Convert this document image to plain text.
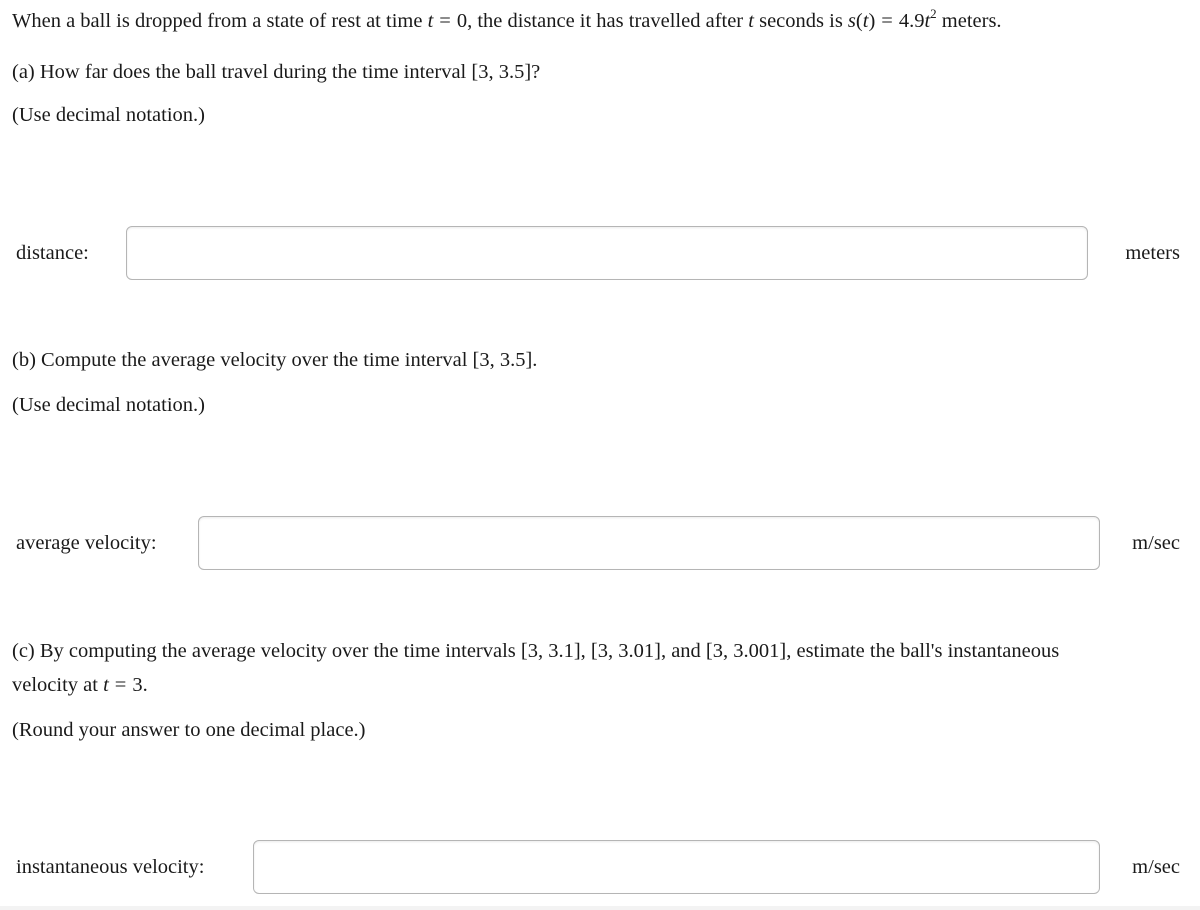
When a ball is dropped from a state of rest at time t = 0, the distance it has travelled after t seconds is $s(t) = 4.9t^2$ meters.
(a) How far does the ball travel during the time interval [3, 3.5]?
(Use decimal notation.)
distance:	meters
(b) Compute the average velocity over the time interval [3, 3.5].
(Use decimal notation.)
average velocity:	m/sec
(c) By computing the average velocity over the time intervals [3, 3.1], [3, 3.01], and [3, 3.001], estimate the ball's instantaneous
velocity at t = 3.
(Round your answer to one decimal place.)
instantaneous velocity:	m/sec
